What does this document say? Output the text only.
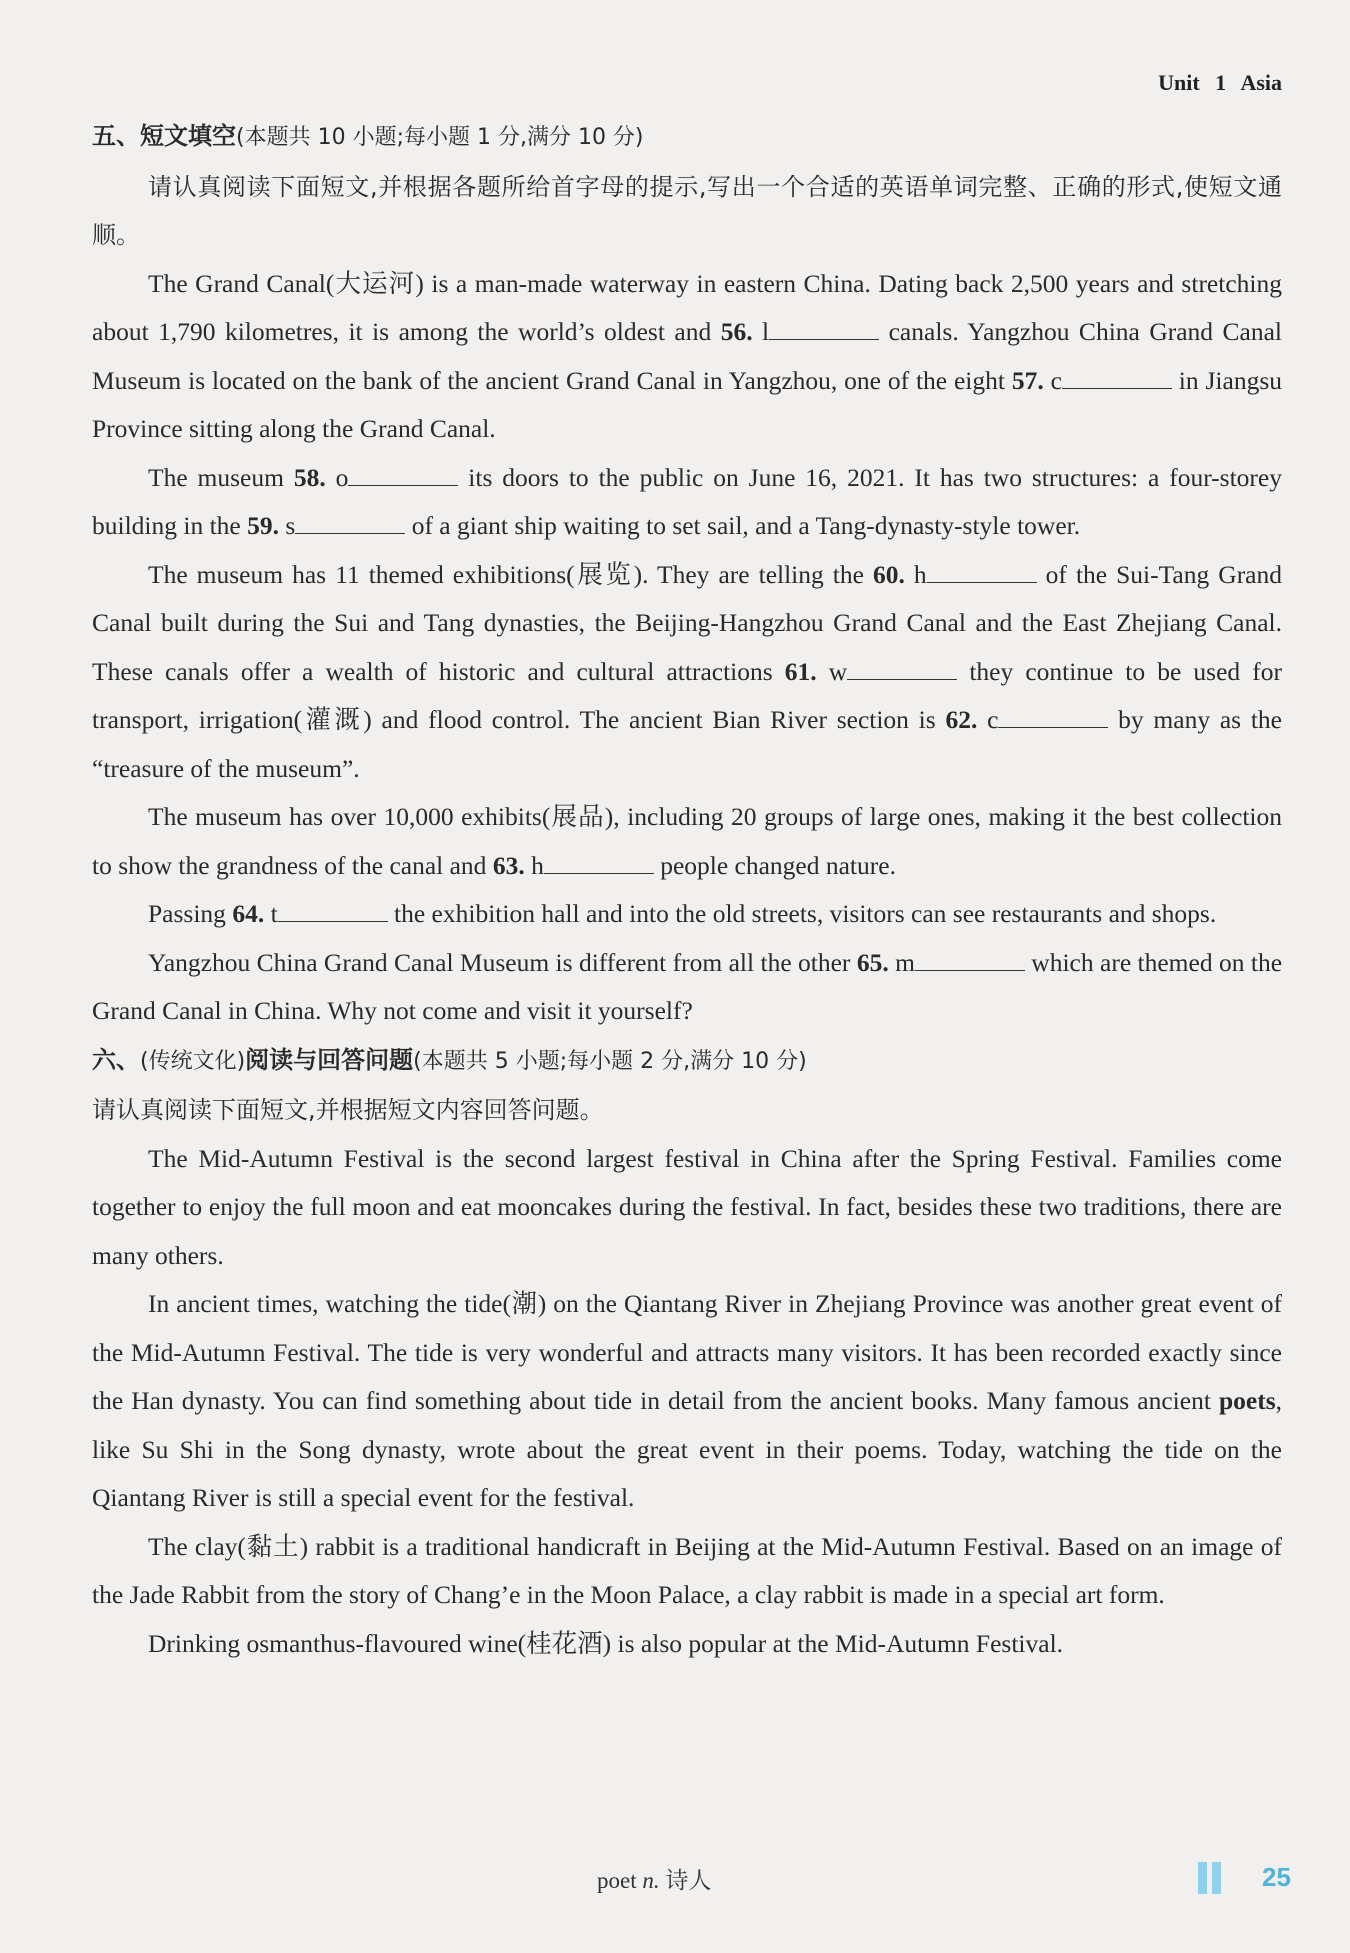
Unit 1 Asia

五、短文填空(本题共 10 小题;每小题 1 分,满分 10 分)

请认真阅读下面短文,并根据各题所给首字母的提示,写出一个合适的英语单词完整、正确的形式,使短文通顺。

The Grand Canal(大运河) is a man-made waterway in eastern China. Dating back 2,500 years and stretching about 1,790 kilometres, it is among the world’s oldest and 56. l	canals. Yangzhou China Grand Canal Museum is located on the bank of the ancient Grand Canal in Yangzhou, one of the eight 57. c	in Jiangsu Province sitting along the Grand Canal.

The museum 58. o	its doors to the public on June 16, 2021. It has two structures: a four-storey building in the 59. s	of a giant ship waiting to set sail, and a Tang-dynasty-style tower.

The museum has 11 themed exhibitions(展览). They are telling the 60. h	of the Sui-Tang Grand Canal built during the Sui and Tang dynasties, the Beijing-Hangzhou Grand Canal and the East Zhejiang Canal. These canals offer a wealth of historic and cultural attractions 61. w	they continue to be used for transport, irrigation(灌溉) and flood control. The ancient Bian River section is 62. c	by many as the “treasure of the museum”.

The museum has over 10,000 exhibits(展品), including 20 groups of large ones, making it the best collection to show the grandness of the canal and 63. h	people changed nature.

Passing 64. t	the exhibition hall and into the old streets, visitors can see restaurants and shops.

Yangzhou China Grand Canal Museum is different from all the other 65. m	which are themed on the Grand Canal in China. Why not come and visit it yourself?

六、(传统文化)阅读与回答问题(本题共 5 小题;每小题 2 分,满分 10 分)

请认真阅读下面短文,并根据短文内容回答问题。

The Mid-Autumn Festival is the second largest festival in China after the Spring Festival. Families come together to enjoy the full moon and eat mooncakes during the festival. In fact, besides these two traditions, there are many others.

In ancient times, watching the tide(潮) on the Qiantang River in Zhejiang Province was another great event of the Mid-Autumn Festival. The tide is very wonderful and attracts many visitors. It has been recorded exactly since the Han dynasty. You can find something about tide in detail from the ancient books. Many famous ancient poets, like Su Shi in the Song dynasty, wrote about the great event in their poems. Today, watching the tide on the Qiantang River is still a special event for the festival.

The clay(黏土) rabbit is a traditional handicraft in Beijing at the Mid-Autumn Festival. Based on an image of the Jade Rabbit from the story of Chang’e in the Moon Palace, a clay rabbit is made in a special art form.

Drinking osmanthus-flavoured wine(桂花酒) is also popular at the Mid-Autumn Festival.

poet n. 诗人	25
